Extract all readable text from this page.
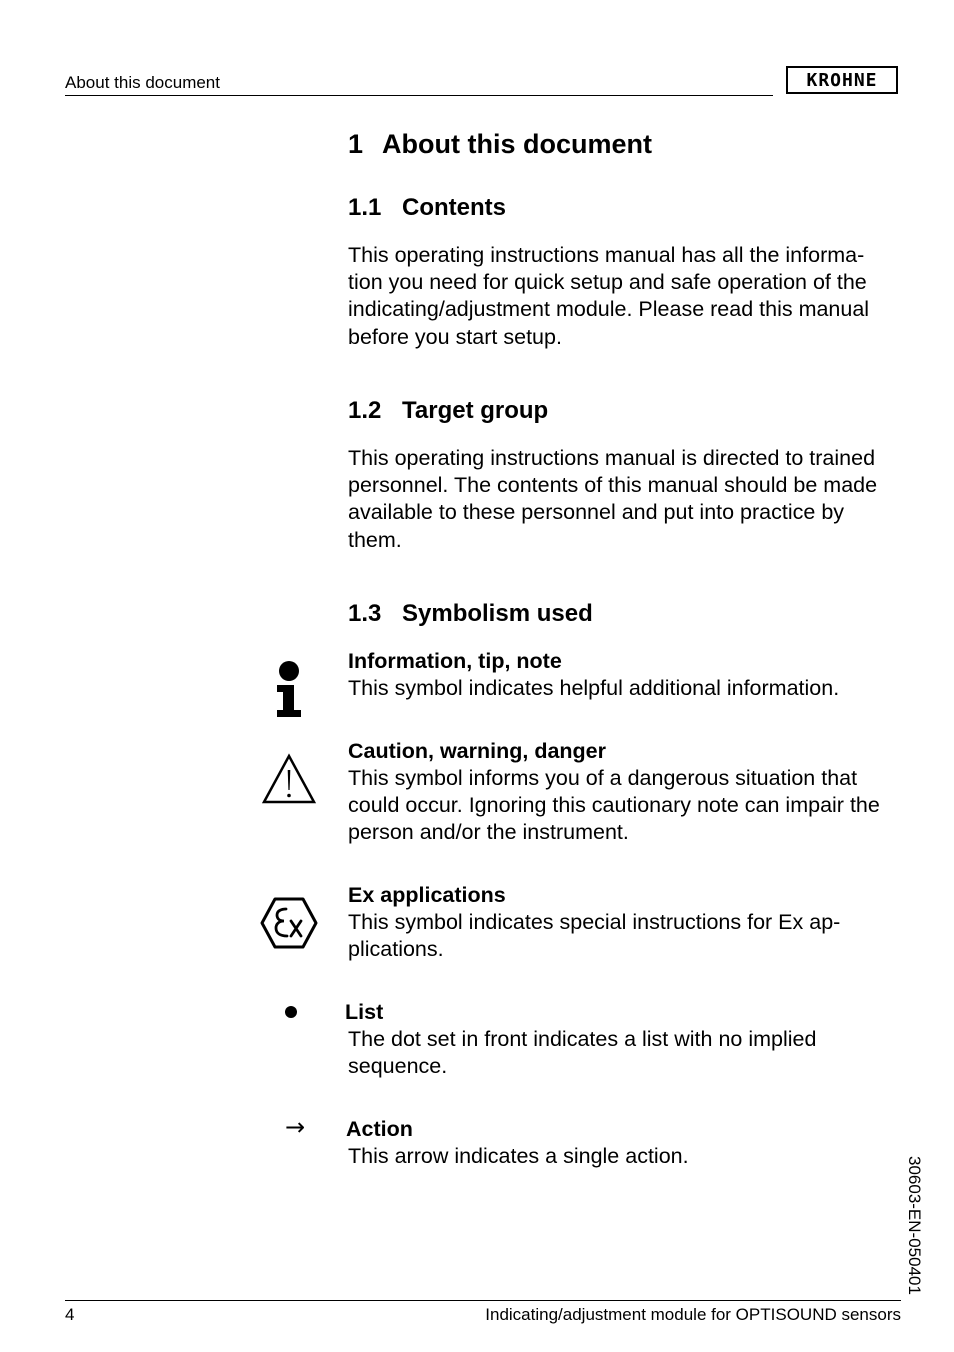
About this document	KROHNE
1 About this document
1.1 Contents
This operating instructions manual has all the informa-
tion you need for quick setup and safe operation of the
indicating/adjustment module. Please read this manual
before you start setup.
1.2 Target group
This operating instructions manual is directed to trained
personnel. The contents of this manual should be made
available to these personnel and put into practice by
them.
1.3 Symbolism used
Information, tip, note
This symbol indicates helpful additional information.
Caution, warning, danger
This symbol informs you of a dangerous situation that
could occur. Ignoring this cautionary note can impair the
person and/or the instrument.
Ex applications
This symbol indicates special instructions for Ex ap-
plications.
List
The dot set in front indicates a list with no implied
sequence.
→ Action
This arrow indicates a single action.	30603-EN-050401
4	Indicating/adjustment module for OPTISOUND sensors
